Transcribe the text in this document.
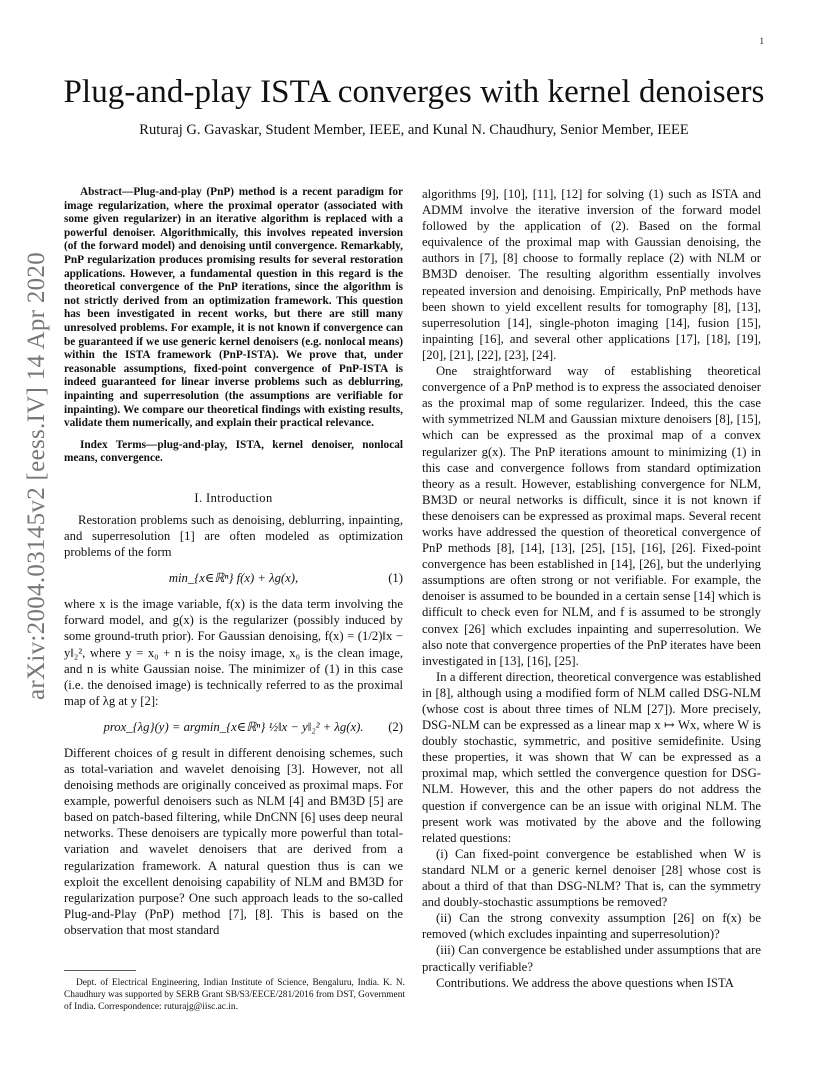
1
arXiv:2004.03145v2 [eess.IV] 14 Apr 2020
Plug-and-play ISTA converges with kernel denoisers
Ruturaj G. Gavaskar, Student Member, IEEE, and Kunal N. Chaudhury, Senior Member, IEEE

Abstract—Plug-and-play (PnP) method is a recent paradigm for image regularization, where the proximal operator (associated with some given regularizer) in an iterative algorithm is replaced with a powerful denoiser. Algorithmically, this involves repeated inversion (of the forward model) and denoising until convergence. Remarkably, PnP regularization produces promising results for several restoration applications. However, a fundamental question in this regard is the theoretical convergence of the PnP iterations, since the algorithm is not strictly derived from an optimization framework. This question has been investigated in recent works, but there are still many unresolved problems. For example, it is not known if convergence can be guaranteed if we use generic kernel denoisers (e.g. nonlocal means) within the ISTA framework (PnP-ISTA). We prove that, under reasonable assumptions, fixed-point convergence of PnP-ISTA is indeed guaranteed for linear inverse problems such as deblurring, inpainting and superresolution (the assumptions are verifiable for inpainting). We compare our theoretical findings with existing results, validate them numerically, and explain their practical relevance.

Index Terms—plug-and-play, ISTA, kernel denoiser, nonlocal means, convergence.

I. Introduction

Restoration problems such as denoising, deblurring, inpainting, and superresolution [1] are often modeled as optimization problems of the form

min_{x∈ℝⁿ} f(x) + λg(x),	(1)

where x is the image variable, f(x) is the data term involving the forward model, and g(x) is the regularizer (possibly induced by some ground-truth prior). For Gaussian denoising, f(x) = (1/2)‖x − y‖₂², where y = x₀ + n is the noisy image, x₀ is the clean image, and n is white Gaussian noise. The minimizer of (1) in this case (i.e. the denoised image) is technically referred to as the proximal map of λg at y [2]:

prox_{λg}(y) = argmin_{x∈ℝⁿ} ½‖x − y‖₂² + λg(x). (2)

Different choices of g result in different denoising schemes, such as total-variation and wavelet denoising [3]. However, not all denoising methods are originally conceived as proximal maps. For example, powerful denoisers such as NLM [4] and BM3D [5] are based on patch-based filtering, while DnCNN [6] uses deep neural networks. These denoisers are typically more powerful than total-variation and wavelet denoisers that are derived from a regularization framework. A natural question thus is can we exploit the excellent denoising capability of NLM and BM3D for regularization purpose? One such approach leads to the so-called Plug-and-Play (PnP) method [7], [8]. This is based on the observation that most standard

Dept. of Electrical Engineering, Indian Institute of Science, Bengaluru, India. K. N. Chaudhury was supported by SERB Grant SB/S3/EECE/281/2016 from DST, Government of India. Correspondence: ruturajg@iisc.ac.in.

algorithms [9], [10], [11], [12] for solving (1) such as ISTA and ADMM involve the iterative inversion of the forward model followed by the application of (2). Based on the formal equivalence of the proximal map with Gaussian denoising, the authors in [7], [8] choose to formally replace (2) with NLM or BM3D denoiser. The resulting algorithm essentially involves repeated inversion and denoising. Empirically, PnP methods have been shown to yield excellent results for tomography [8], [13], superresolution [14], single-photon imaging [14], fusion [15], inpainting [16], and several other applications [17], [18], [19], [20], [21], [22], [23], [24].

One straightforward way of establishing theoretical convergence of a PnP method is to express the associated denoiser as the proximal map of some regularizer. Indeed, this the case with symmetrized NLM and Gaussian mixture denoisers [8], [15], which can be expressed as the proximal map of a convex regularizer g(x). The PnP iterations amount to minimizing (1) in this case and convergence follows from standard optimization theory as a result. However, establishing convergence for NLM, BM3D or neural networks is difficult, since it is not known if these denoisers can be expressed as proximal maps. Several recent works have addressed the question of theoretical convergence of PnP methods [8], [14], [13], [25], [15], [16], [26]. Fixed-point convergence has been established in [14], [26], but the underlying assumptions are often strong or not verifiable. For example, the denoiser is assumed to be bounded in a certain sense [14] which is difficult to check even for NLM, and f is assumed to be strongly convex [26] which excludes inpainting and superresolution. We also note that convergence properties of the PnP iterates have been investigated in [13], [16], [25].

In a different direction, theoretical convergence was established in [8], although using a modified form of NLM called DSG-NLM (whose cost is about three times of NLM [27]). More precisely, DSG-NLM can be expressed as a linear map x ↦ Wx, where W is doubly stochastic, symmetric, and positive semidefinite. Using these properties, it was shown that W can be expressed as a proximal map, which settled the convergence question for DSG-NLM. However, this and the other papers do not address the question if convergence can be an issue with original NLM. The present work was motivated by the above and the following related questions:

(i) Can fixed-point convergence be established when W is standard NLM or a generic kernel denoiser [28] whose cost is about a third of that than DSG-NLM? That is, can the symmetry and doubly-stochastic assumptions be removed?

(ii) Can the strong convexity assumption [26] on f(x) be removed (which excludes inpainting and superresolution)?

(iii) Can convergence be established under assumptions that are practically verifiable?

Contributions. We address the above questions when ISTA
